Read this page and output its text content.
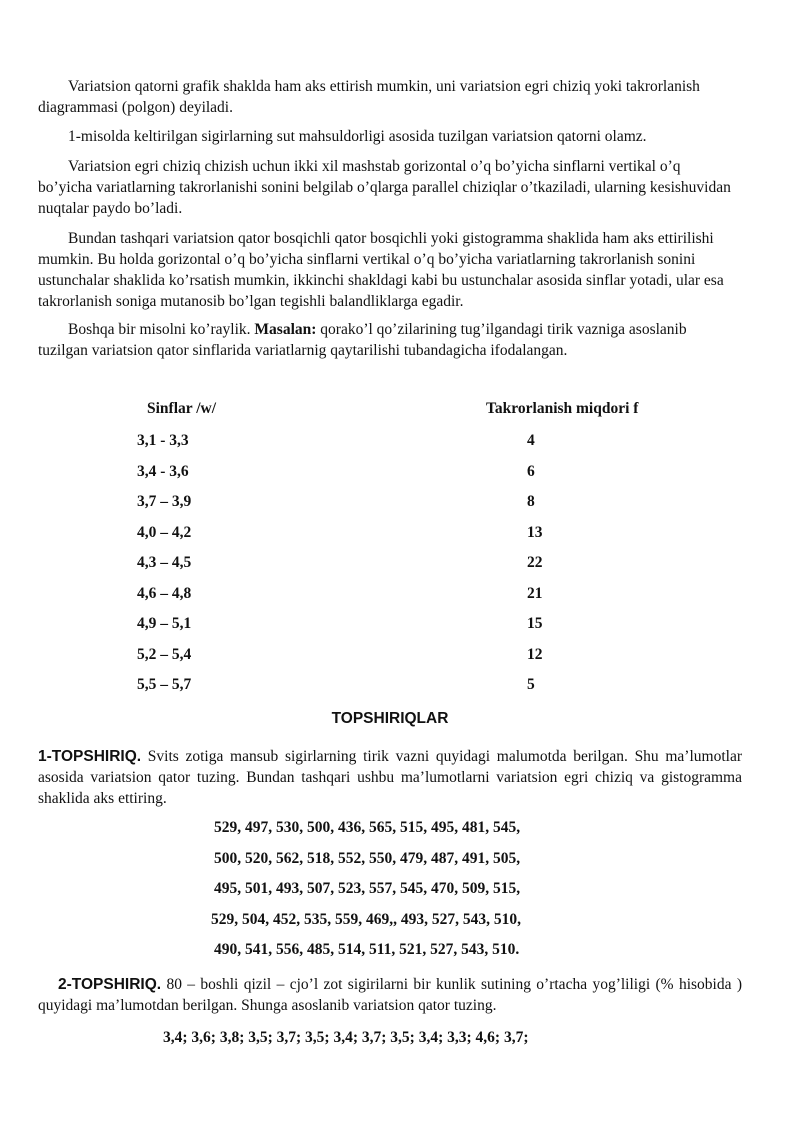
Variatsion qatorni grafik shaklda ham aks ettirish mumkin, uni variatsion egri chiziq yoki takrorlanish diagrammasi (polgon) deyiladi.

1-misolda keltirilgan sigirlarning sut mahsuldorligi asosida tuzilgan variatsion qatorni olamz.

Variatsion egri chiziq chizish uchun ikki xil mashstab gorizontal o’q bo’yicha sinflarni vertikal o’q bo’yicha variatlarning takrorlanishi sonini belgilab o’qlarga parallel chiziqlar o’tkaziladi, ularning kesishuvidan nuqtalar paydo bo’ladi.

Bundan tashqari variatsion qator bosqichli qator bosqichli yoki gistogramma shaklida ham aks ettirilishi mumkin. Bu holda gorizontal o’q bo’yicha sinflarni vertikal o’q bo’yicha variatlarning takrorlanish sonini ustunchalar shaklida ko’rsatish mumkin, ikkinchi shakldagi kabi bu ustunchalar asosida sinflar yotadi, ular esa takrorlanish soniga mutanosib bo’lgan tegishli balandliklarga egadir.

Boshqa bir misolni ko’raylik. Masalan: qorako’l qo’zilarining tug’ilgandagi tirik vazniga asoslanib tuzilgan variatsion qator sinflarida variatlarnig qaytarilishi tubandagicha ifodalangan.

Sinflar /w/	Takrorlanish miqdori f
3,1 - 3,3	4
3,4 - 3,6	6
3,7 – 3,9	8
4,0 – 4,2	13
4,3 – 4,5	22
4,6 – 4,8	21
4,9 – 5,1	15
5,2 – 5,4	12
5,5 – 5,7	5
TOPSHIRIQLAR

1-TOPSHIRIQ. Svits zotiga mansub sigirlarning tirik vazni quyidagi malumotda berilgan. Shu ma’lumotlar asosida variatsion qator tuzing. Bundan tashqari ushbu ma’lumotlarni variatsion egri chiziq va gistogramma shaklida aks ettiring.

529, 497, 530, 500, 436, 565, 515, 495, 481, 545,
500, 520, 562, 518, 552, 550, 479, 487, 491, 505,
495, 501, 493, 507, 523, 557, 545, 470, 509, 515,
529, 504, 452, 535, 559, 469,, 493, 527, 543, 510,
490, 541, 556, 485, 514, 511, 521, 527, 543, 510.

2-TOPSHIRIQ. 80 – boshli qizil – cjo’l zot sigirilarni bir kunlik sutining o’rtacha yog’liligi (% hisobida ) quyidagi ma’lumotdan berilgan. Shunga asoslanib variatsion qator tuzing.

3,4; 3,6; 3,8; 3,5; 3,7; 3,5; 3,4; 3,7; 3,5; 3,4; 3,3; 4,6; 3,7;
